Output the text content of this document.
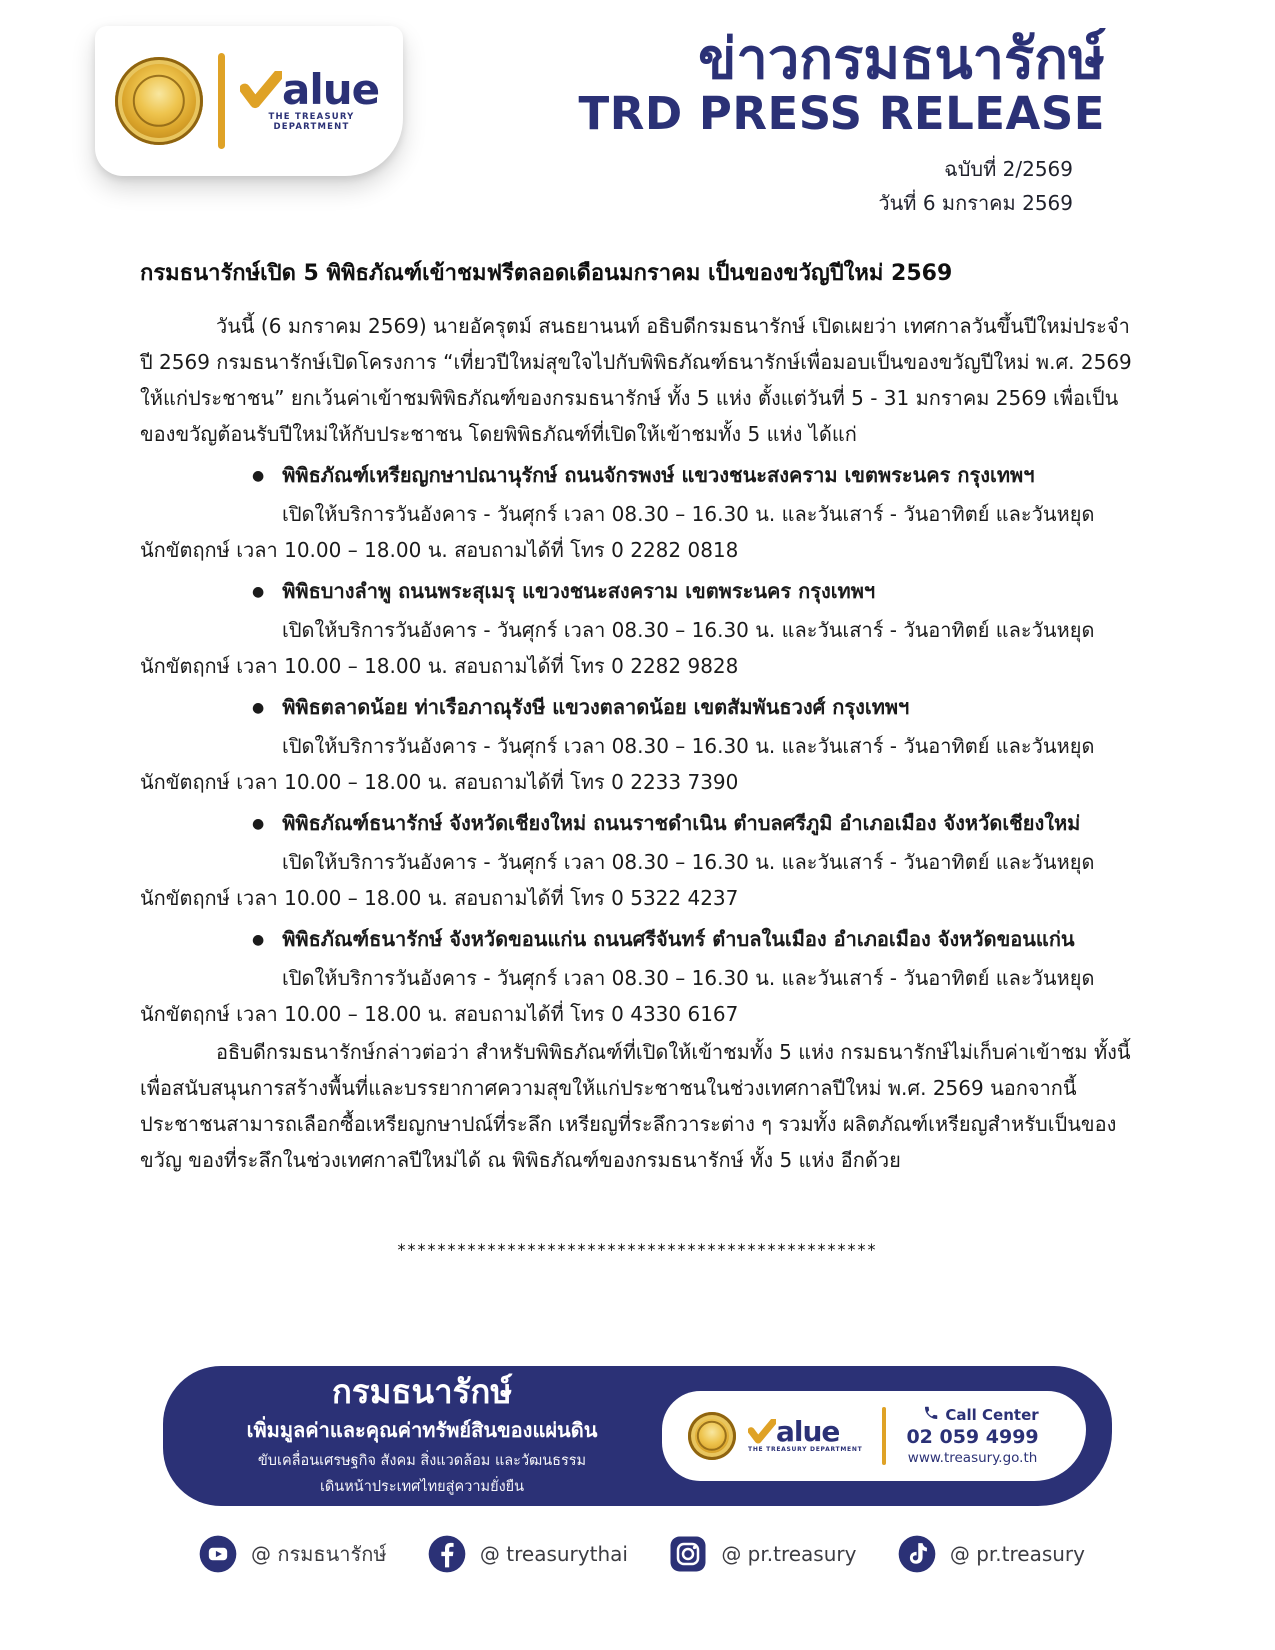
alue
THE TREASURY DEPARTMENT
ข่าวกรมธนารักษ์
TRD PRESS RELEASE
ฉบับที่ 2/2569
วันที่ 6 มกราคม 2569
กรมธนารักษ์เปิด 5 พิพิธภัณฑ์เข้าชมฟรีตลอดเดือนมกราคม เป็นของขวัญปีใหม่ 2569

วันนี้ (6 มกราคม 2569) นายอัครุตม์ สนธยานนท์ อธิบดีกรมธนารักษ์ เปิดเผยว่า เทศกาลวันขึ้นปีใหม่ประจำปี 2569 กรมธนารักษ์เปิดโครงการ “เที่ยวปีใหม่สุขใจไปกับพิพิธภัณฑ์ธนารักษ์เพื่อมอบเป็นของขวัญปีใหม่ พ.ศ. 2569 ให้แก่ประชาชน” ยกเว้นค่าเข้าชมพิพิธภัณฑ์ของกรมธนารักษ์ ทั้ง 5 แห่ง ตั้งแต่วันที่ 5 - 31 มกราคม 2569 เพื่อเป็นของขวัญต้อนรับปีใหม่ให้กับประชาชน โดยพิพิธภัณฑ์ที่เปิดให้เข้าชมทั้ง 5 แห่ง ได้แก่

● พิพิธภัณฑ์เหรียญกษาปณานุรักษ์ ถนนจักรพงษ์ แขวงชนะสงคราม เขตพระนคร กรุงเทพฯ

เปิดให้บริการวันอังคาร - วันศุกร์ เวลา 08.30 – 16.30 น. และวันเสาร์ - วันอาทิตย์ และวันหยุดนักขัตฤกษ์ เวลา 10.00 – 18.00 น. สอบถามได้ที่ โทร 0 2282 0818

● พิพิธบางลำพู ถนนพระสุเมรุ แขวงชนะสงคราม เขตพระนคร กรุงเทพฯ

เปิดให้บริการวันอังคาร - วันศุกร์ เวลา 08.30 – 16.30 น. และวันเสาร์ - วันอาทิตย์ และวันหยุดนักขัตฤกษ์ เวลา 10.00 – 18.00 น. สอบถามได้ที่ โทร 0 2282 9828

● พิพิธตลาดน้อย ท่าเรือภาณุรังษี แขวงตลาดน้อย เขตสัมพันธวงศ์ กรุงเทพฯ

เปิดให้บริการวันอังคาร - วันศุกร์ เวลา 08.30 – 16.30 น. และวันเสาร์ - วันอาทิตย์ และวันหยุดนักขัตฤกษ์ เวลา 10.00 – 18.00 น. สอบถามได้ที่ โทร 0 2233 7390

● พิพิธภัณฑ์ธนารักษ์ จังหวัดเชียงใหม่ ถนนราชดำเนิน ตำบลศรีภูมิ อำเภอเมือง จังหวัดเชียงใหม่

เปิดให้บริการวันอังคาร - วันศุกร์ เวลา 08.30 – 16.30 น. และวันเสาร์ - วันอาทิตย์ และวันหยุดนักขัตฤกษ์ เวลา 10.00 – 18.00 น. สอบถามได้ที่ โทร 0 5322 4237

● พิพิธภัณฑ์ธนารักษ์ จังหวัดขอนแก่น ถนนศรีจันทร์ ตำบลในเมือง อำเภอเมือง จังหวัดขอนแก่น

เปิดให้บริการวันอังคาร - วันศุกร์ เวลา 08.30 – 16.30 น. และวันเสาร์ - วันอาทิตย์ และวันหยุดนักขัตฤกษ์ เวลา 10.00 – 18.00 น. สอบถามได้ที่ โทร 0 4330 6167

อธิบดีกรมธนารักษ์กล่าวต่อว่า สำหรับพิพิธภัณฑ์ที่เปิดให้เข้าชมทั้ง 5 แห่ง กรมธนารักษ์ไม่เก็บค่าเข้าชม ทั้งนี้เพื่อสนับสนุนการสร้างพื้นที่และบรรยากาศความสุขให้แก่ประชาชนในช่วงเทศกาลปีใหม่ พ.ศ. 2569 นอกจากนี้ประชาชนสามารถเลือกซื้อเหรียญกษาปณ์ที่ระลึก เหรียญที่ระลึกวาระต่าง ๆ รวมทั้ง ผลิตภัณฑ์เหรียญสำหรับเป็นของขวัญ ของที่ระลึกในช่วงเทศกาลปีใหม่ได้ ณ พิพิธภัณฑ์ของกรมธนารักษ์ ทั้ง 5 แห่ง อีกด้วย

************************************************
กรมธนารักษ์
เพิ่มมูลค่าและคุณค่าทรัพย์สินของแผ่นดิน
ขับเคลื่อนเศรษฐกิจ สังคม สิ่งแวดล้อม และวัฒนธรรม
เดินหน้าประเทศไทยสู่ความยั่งยืน
alue
THE TREASURY DEPARTMENT
Call Center
02 059 4999
www.treasury.go.th
@ กรมธนารักษ์	@ treasurythai	@ pr.treasury	@ pr.treasury
